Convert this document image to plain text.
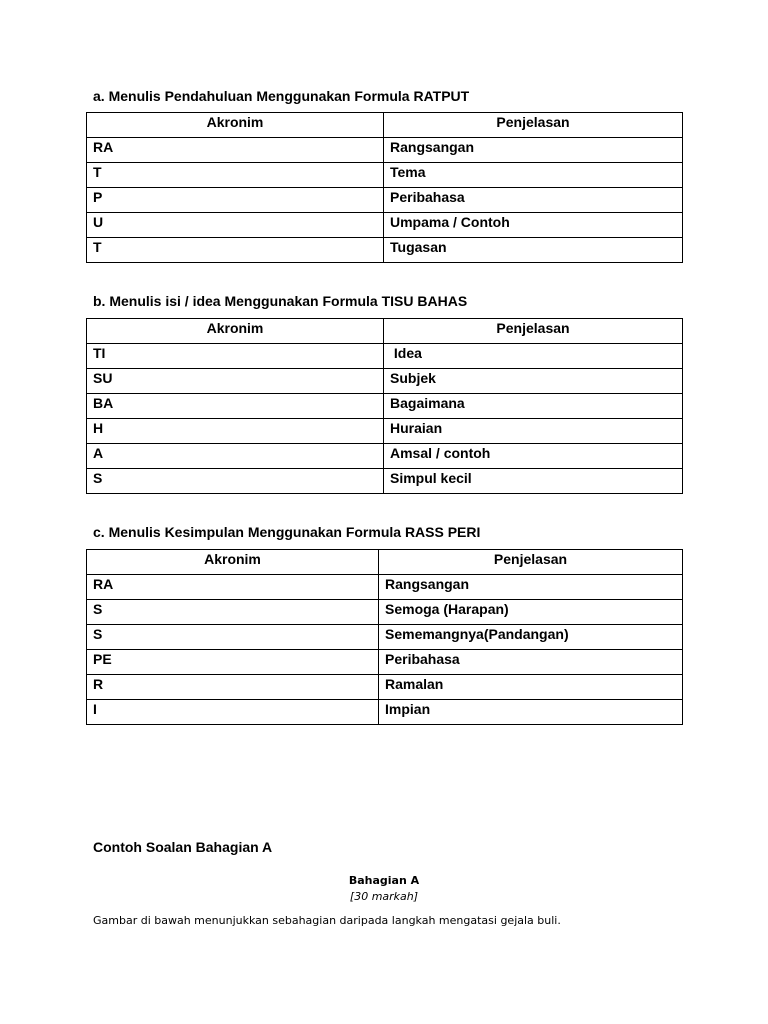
a. Menulis Pendahuluan Menggunakan Formula RATPUT

Akronim	Penjelasan
RA	Rangsangan
T	Tema
P	Peribahasa
U	Umpama / Contoh
T	Tugasan

b. Menulis isi / idea Menggunakan Formula TISU BAHAS

Akronim	Penjelasan
TI	Idea
SU	Subjek
BA	Bagaimana
H	Huraian
A	Amsal / contoh
S	Simpul kecil

c. Menulis Kesimpulan Menggunakan Formula RASS PERI

Akronim	Penjelasan
RA	Rangsangan
S	Semoga (Harapan)
S	Sememangnya(Pandangan)
PE	Peribahasa
R	Ramalan
I	Impian

Contoh Soalan Bahagian A

Bahagian A

[30 markah]

Gambar di bawah menunjukkan sebahagian daripada langkah mengatasi gejala buli.
